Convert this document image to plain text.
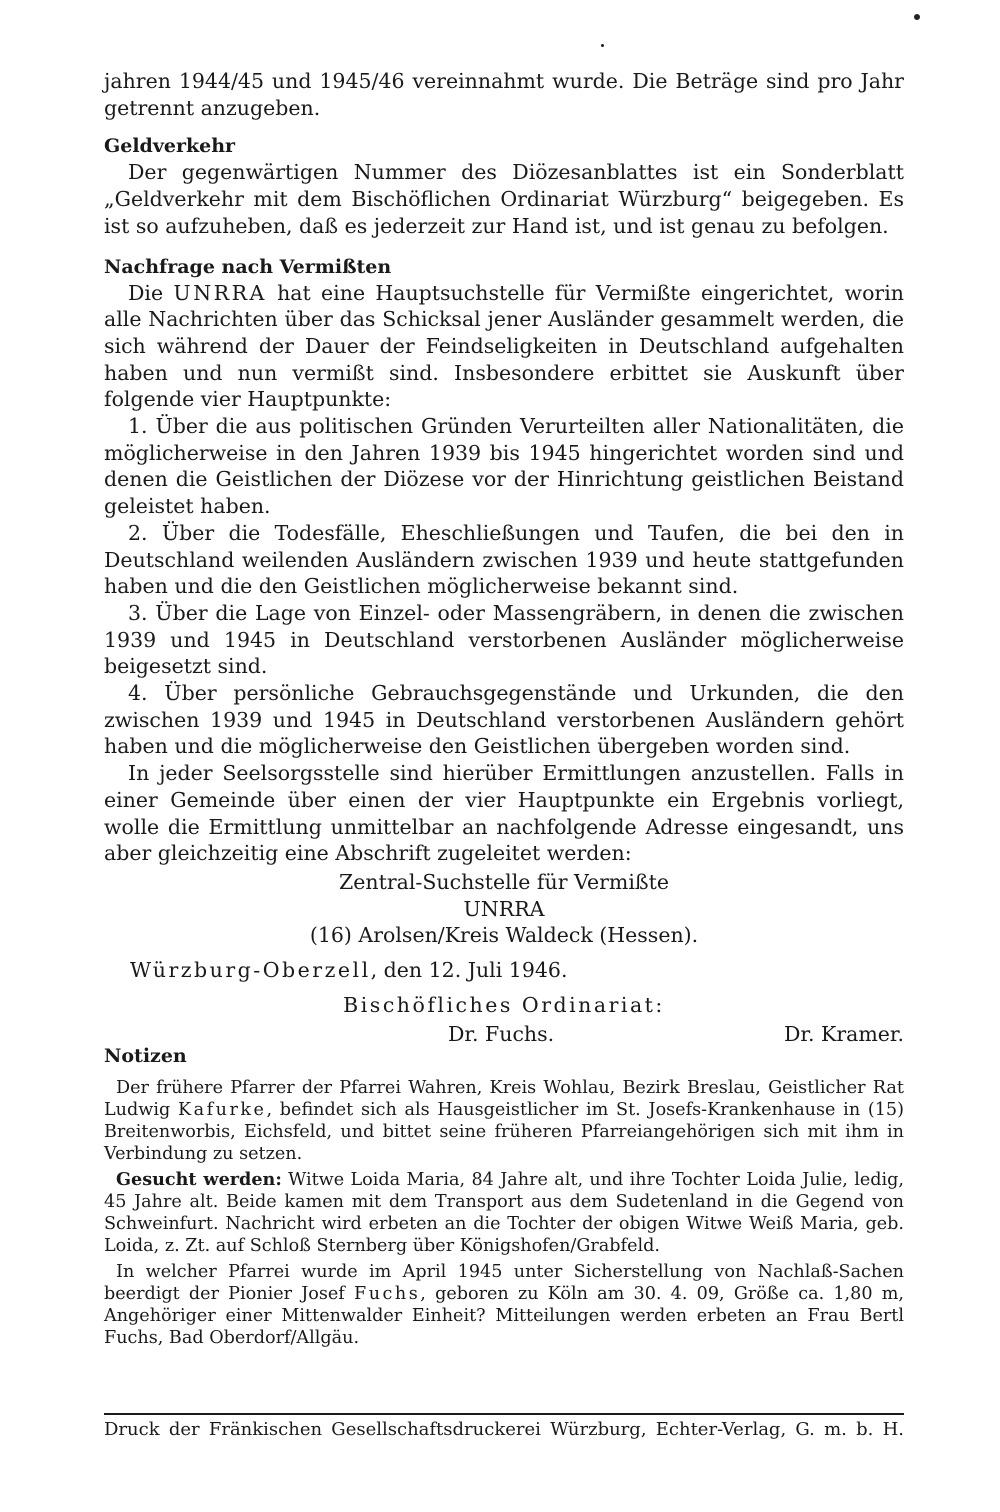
jahren 1944/45 und 1945/46 vereinnahmt wurde. Die Beträge sind pro Jahr getrennt anzugeben.

Geldverkehr

Der gegenwärtigen Nummer des Diözesanblattes ist ein Sonderblatt „Geldverkehr mit dem Bischöflichen Ordinariat Würzburg“ beigegeben. Es ist so aufzuheben, daß es jederzeit zur Hand ist, und ist genau zu befolgen.

Nachfrage nach Vermißten

Die UNRRA hat eine Hauptsuchstelle für Vermißte eingerichtet, worin alle Nachrichten über das Schicksal jener Ausländer gesammelt werden, die sich während der Dauer der Feindseligkeiten in Deutschland aufgehalten haben und nun vermißt sind. Insbesondere erbittet sie Auskunft über folgende vier Hauptpunkte:

1. Über die aus politischen Gründen Verurteilten aller Nationalitäten, die möglicherweise in den Jahren 1939 bis 1945 hingerichtet worden sind und denen die Geistlichen der Diözese vor der Hinrichtung geistlichen Beistand geleistet haben.

2. Über die Todesfälle, Eheschließungen und Taufen, die bei den in Deutschland weilenden Ausländern zwischen 1939 und heute stattgefunden haben und die den Geistlichen möglicherweise bekannt sind.

3. Über die Lage von Einzel- oder Massengräbern, in denen die zwischen 1939 und 1945 in Deutschland verstorbenen Ausländer möglicherweise beigesetzt sind.

4. Über persönliche Gebrauchsgegenstände und Urkunden, die den zwischen 1939 und 1945 in Deutschland verstorbenen Ausländern gehört haben und die möglicherweise den Geistlichen übergeben worden sind.

In jeder Seelsorgsstelle sind hierüber Ermittlungen anzustellen. Falls in einer Gemeinde über einen der vier Hauptpunkte ein Ergebnis vorliegt, wolle die Ermittlung unmittelbar an nachfolgende Adresse eingesandt, uns aber gleichzeitig eine Abschrift zugeleitet werden:

Zentral-Suchstelle für Vermißte
UNRRA
(16) Arolsen/Kreis Waldeck (Hessen).

Würzburg-Oberzell, den 12. Juli 1946.

Bischöfliches Ordinariat:

Dr. Fuchs.	Dr. Kramer.
Notizen

Der frühere Pfarrer der Pfarrei Wahren, Kreis Wohlau, Bezirk Breslau, Geistlicher Rat Ludwig Kafurke, befindet sich als Hausgeistlicher im St. Josefs-Krankenhause in (15) Breitenworbis, Eichsfeld, und bittet seine früheren Pfarreiangehörigen sich mit ihm in Verbindung zu setzen.

Gesucht werden: Witwe Loida Maria, 84 Jahre alt, und ihre Tochter Loida Julie, ledig, 45 Jahre alt. Beide kamen mit dem Transport aus dem Sudetenland in die Gegend von Schweinfurt. Nachricht wird erbeten an die Tochter der obigen Witwe Weiß Maria, geb. Loida, z. Zt. auf Schloß Sternberg über Königshofen/Grabfeld.

In welcher Pfarrei wurde im April 1945 unter Sicherstellung von Nachlaß-Sachen beerdigt der Pionier Josef Fuchs, geboren zu Köln am 30. 4. 09, Größe ca. 1,80 m, Angehöriger einer Mittenwalder Einheit? Mitteilungen werden erbeten an Frau Bertl Fuchs, Bad Oberdorf/Allgäu.

Druck der Fränkischen Gesellschaftsdruckerei Würzburg, Echter-Verlag, G. m. b. H.
